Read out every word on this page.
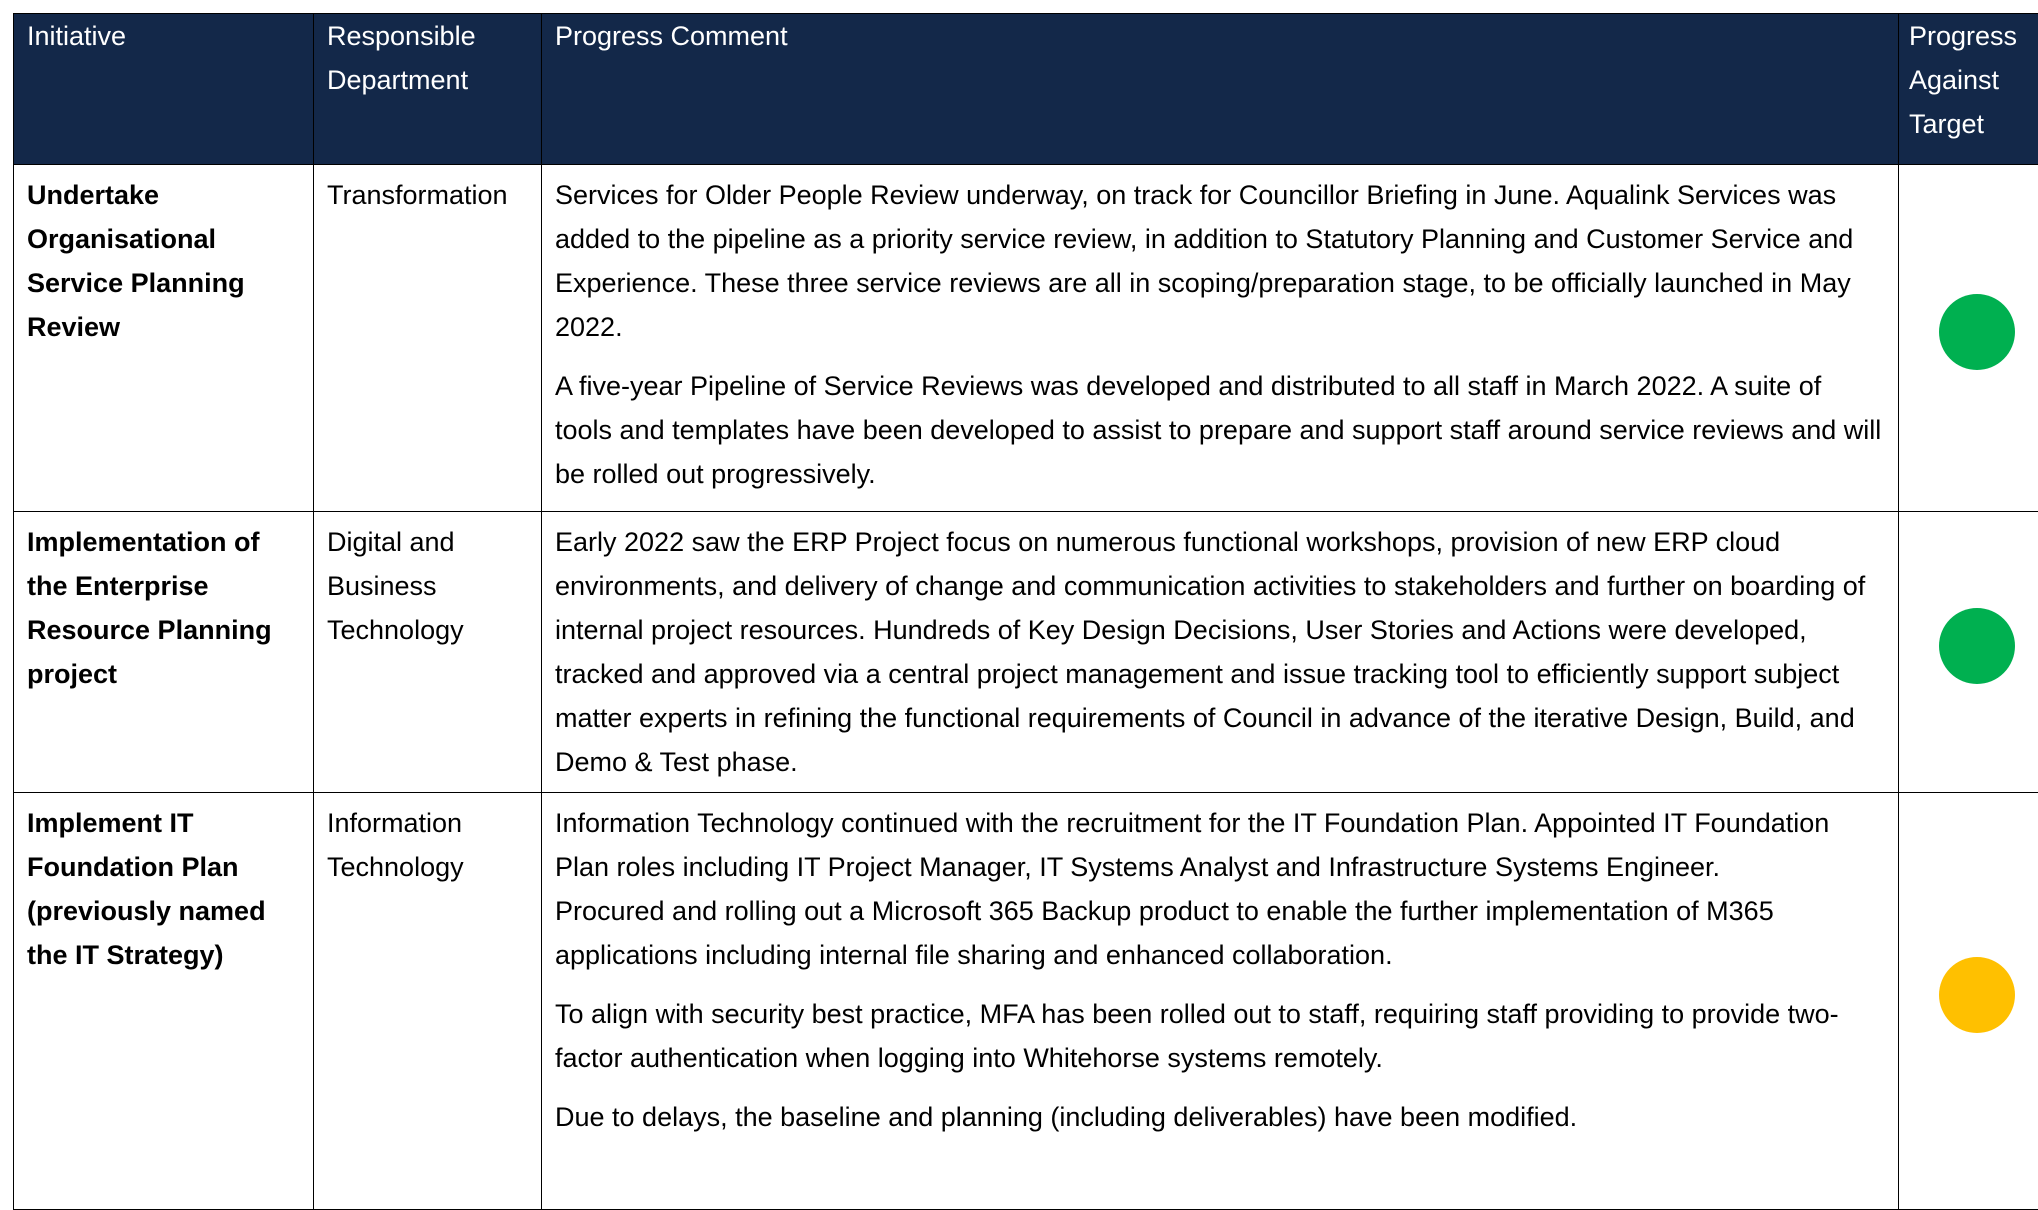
Initiative	Responsible Department	Progress Comment	Progress Against Target
Undertake Organisational Service Planning Review	Transformation	Services for Older People Review underway, on track for Councillor Briefing in June. Aqualink Services was added to the pipeline as a priority service review, in addition to Statutory Planning and Customer Service and Experience. These three service reviews are all in scoping/preparation stage, to be officially launched in May 2022.

A five-year Pipeline of Service Reviews was developed and distributed to all staff in March 2022. A suite of tools and templates have been developed to assist to prepare and support staff around service reviews and will be rolled out progressively.	

Implementation of the Enterprise Resource Planning project	Digital and Business Technology	Early 2022 saw the ERP Project focus on numerous functional workshops, provision of new ERP cloud environments, and delivery of change and communication activities to stakeholders and further on boarding of internal project resources. Hundreds of Key Design Decisions, User Stories and Actions were developed, tracked and approved via a central project management and issue tracking tool to efficiently support subject matter experts in refining the functional requirements of Council in advance of the iterative Design, Build, and Demo & Test phase.	

Implement IT Foundation Plan (previously named the IT Strategy)	Information Technology	Information Technology continued with the recruitment for the IT Foundation Plan. Appointed IT Foundation Plan roles including IT Project Manager, IT Systems Analyst and Infrastructure Systems Engineer.

Procured and rolling out a Microsoft 365 Backup product to enable the further implementation of M365 applications including internal file sharing and enhanced collaboration.

To align with security best practice, MFA has been rolled out to staff, requiring staff providing to provide two-factor authentication when logging into Whitehorse systems remotely.

Due to delays, the baseline and planning (including deliverables) have been modified.	
